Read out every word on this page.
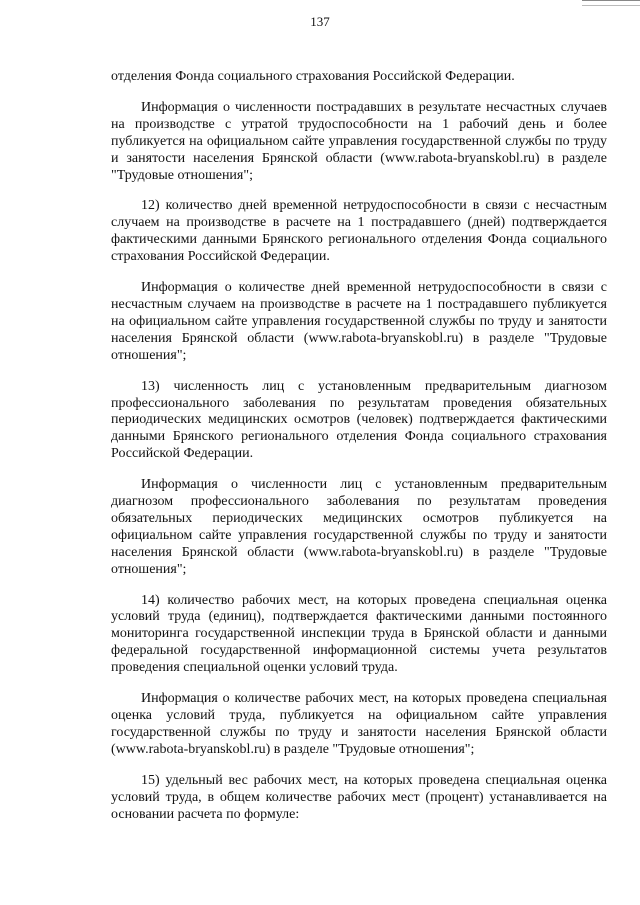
137

отделения Фонда социального страхования Российской Федерации.

Информация о численности пострадавших в результате несчастных случаев на производстве с утратой трудоспособности на 1 рабочий день и более публикуется на официальном сайте управления государственной службы по труду и занятости населения Брянской области (www.rabota-bryanskobl.ru) в разделе "Трудовые отношения";

12) количество дней временной нетрудоспособности в связи с несчастным случаем на производстве в расчете на 1 пострадавшего (дней) подтверждается фактическими данными Брянского регионального отделения Фонда социального страхования Российской Федерации.

Информация о количестве дней временной нетрудоспособности в связи с несчастным случаем на производстве в расчете на 1 пострадавшего публикуется на официальном сайте управления государственной службы по труду и занятости населения Брянской области (www.rabota-bryanskobl.ru) в разделе "Трудовые отношения";

13) численность лиц с установленным предварительным диагнозом профессионального заболевания по результатам проведения обязательных периодических медицинских осмотров (человек) подтверждается фактическими данными Брянского регионального отделения Фонда социального страхования Российской Федерации.

Информация о численности лиц с установленным предварительным диагнозом профессионального заболевания по результатам проведения обязательных периодических медицинских осмотров публикуется на официальном сайте управления государственной службы по труду и занятости населения Брянской области (www.rabota-bryanskobl.ru) в разделе "Трудовые отношения";

14) количество рабочих мест, на которых проведена специальная оценка условий труда (единиц), подтверждается фактическими данными постоянного мониторинга государственной инспекции труда в Брянской области и данными федеральной государственной информационной системы учета результатов проведения специальной оценки условий труда.

Информация о количестве рабочих мест, на которых проведена специальная оценка условий труда, публикуется на официальном сайте управления государственной службы по труду и занятости населения Брянской области (www.rabota-bryanskobl.ru) в разделе "Трудовые отношения";

15) удельный вес рабочих мест, на которых проведена специальная оценка условий труда, в общем количестве рабочих мест (процент) устанавливается на основании расчета по формуле:
